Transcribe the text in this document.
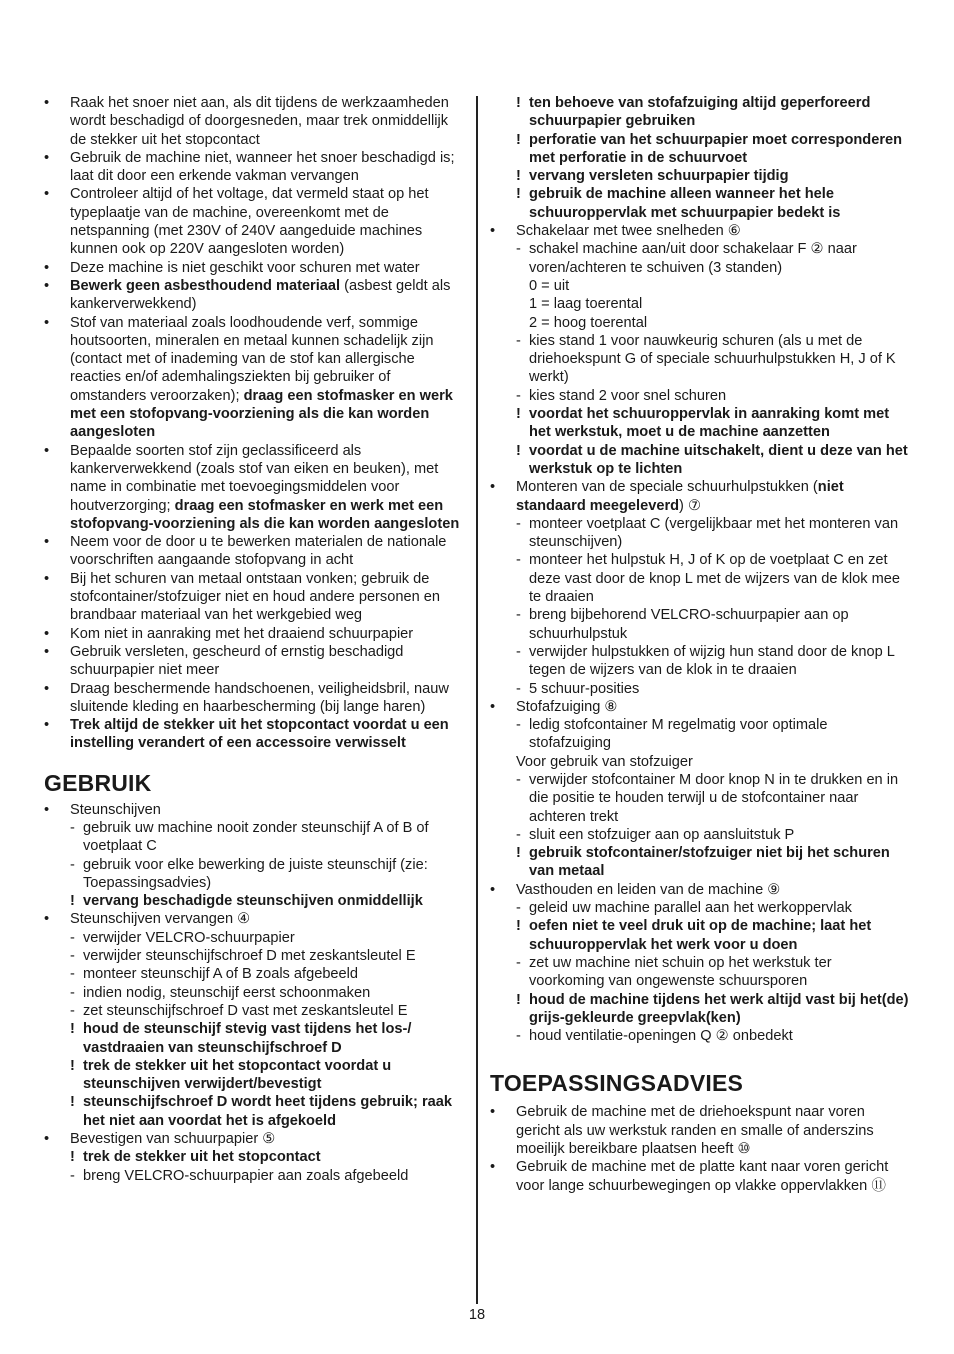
• Raak het snoer niet aan, als dit tijdens de werkzaamheden wordt beschadigd of doorgesneden, maar trek onmiddellijk de stekker uit het stopcontact
• Gebruik de machine niet, wanneer het snoer beschadigd is; laat dit door een erkende vakman vervangen
• Controleer altijd of het voltage, dat vermeld staat op het typeplaatje van de machine, overeenkomt met de netspanning (met 230V of 240V aangeduide machines kunnen ook op 220V aangesloten worden)
• Deze machine is niet geschikt voor schuren met water
• Bewerk geen asbesthoudend materiaal (asbest geldt als kankerverwekkend)
• Stof van materiaal zoals loodhoudende verf, sommige houtsoorten, mineralen en metaal kunnen schadelijk zijn (contact met of inademing van de stof kan allergische reacties en/of ademhalingsziekten bij gebruiker of omstanders veroorzaken); draag een stofmasker en werk met een stofopvang-voorziening als die kan worden aangesloten
• Bepaalde soorten stof zijn geclassificeerd als kankerverwekkend (zoals stof van eiken en beuken), met name in combinatie met toevoegingsmiddelen voor houtverzorging; draag een stofmasker en werk met een stofopvang-voorziening als die kan worden aangesloten
• Neem voor de door u te bewerken materialen de nationale voorschriften aangaande stofopvang in acht
• Bij het schuren van metaal ontstaan vonken; gebruik de stofcontainer/stofzuiger niet en houd andere personen en brandbaar materiaal van het werkgebied weg
• Kom niet in aanraking met het draaiend schuurpapier
• Gebruik versleten, gescheurd of ernstig beschadigd schuurpapier niet meer
• Draag beschermende handschoenen, veiligheidsbril, nauw sluitende kleding en haarbescherming (bij lange haren)
• Trek altijd de stekker uit het stopcontact voordat u een instelling verandert of een accessoire verwisselt
GEBRUIK
• Steunschijven
- gebruik uw machine nooit zonder steunschijf A of B of voetplaat C
- gebruik voor elke bewerking de juiste steunschijf (zie: Toepassingsadvies)
! vervang beschadigde steunschijven onmiddellijk
• Steunschijven vervangen ④
- verwijder VELCRO-schuurpapier
- verwijder steunschijfschroef D met zeskantsleutel E
- monteer steunschijf A of B zoals afgebeeld
- indien nodig, steunschijf eerst schoonmaken
- zet steunschijfschroef D vast met zeskantsleutel E
! houd de steunschijf stevig vast tijdens het los-/ vastdraaien van steunschijfschroef D
! trek de stekker uit het stopcontact voordat u steunschijven verwijdert/bevestigt
! steunschijfschroef D wordt heet tijdens gebruik; raak het niet aan voordat het is afgekoeld
• Bevestigen van schuurpapier ⑤
! trek de stekker uit het stopcontact
- breng VELCRO-schuurpapier aan zoals afgebeeld
! ten behoeve van stofafzuiging altijd geperforeerd schuurpapier gebruiken
! perforatie van het schuurpapier moet corresponderen met perforatie in de schuurvoet
! vervang versleten schuurpapier tijdig
! gebruik de machine alleen wanneer het hele schuuroppervlak met schuurpapier bedekt is
• Schakelaar met twee snelheden ⑥
- schakel machine aan/uit door schakelaar F ② naar voren/achteren te schuiven (3 standen)
0 = uit
1 = laag toerental
2 = hoog toerental
- kies stand 1 voor nauwkeurig schuren (als u met de driehoekspunt G of speciale schuurhulpstukken H, J of K werkt)
- kies stand 2 voor snel schuren
! voordat het schuuroppervlak in aanraking komt met het werkstuk, moet u de machine aanzetten
! voordat u de machine uitschakelt, dient u deze van het werkstuk op te lichten
• Monteren van de speciale schuurhulpstukken (niet standaard meegeleverd) ⑦
- monteer voetplaat C (vergelijkbaar met het monteren van steunschijven)
- monteer het hulpstuk H, J of K op de voetplaat C en zet deze vast door de knop L met de wijzers van de klok mee te draaien
- breng bijbehorend VELCRO-schuurpapier aan op schuurhulpstuk
- verwijder hulpstukken of wijzig hun stand door de knop L tegen de wijzers van de klok in te draaien
- 5 schuur-posities
• Stofafzuiging ⑧
- ledig stofcontainer M regelmatig voor optimale stofafzuiging
Voor gebruik van stofzuiger
- verwijder stofcontainer M door knop N in te drukken en in die positie te houden terwijl u de stofcontainer naar achteren trekt
- sluit een stofzuiger aan op aansluitstuk P
! gebruik stofcontainer/stofzuiger niet bij het schuren van metaal
• Vasthouden en leiden van de machine ⑨
- geleid uw machine parallel aan het werkoppervlak
! oefen niet te veel druk uit op de machine; laat het schuuroppervlak het werk voor u doen
- zet uw machine niet schuin op het werkstuk ter voorkoming van ongewenste schuursporen
! houd de machine tijdens het werk altijd vast bij het(de) grijs-gekleurde greepvlak(ken)
- houd ventilatie-openingen Q ② onbedekt
TOEPASSINGSADVIES
• Gebruik de machine met de driehoekspunt naar voren gericht als uw werkstuk randen en smalle of anderszins moeilijk bereikbare plaatsen heeft ⑩
• Gebruik de machine met de platte kant naar voren gericht voor lange schuurbewegingen op vlakke oppervlakken ⑪
18
